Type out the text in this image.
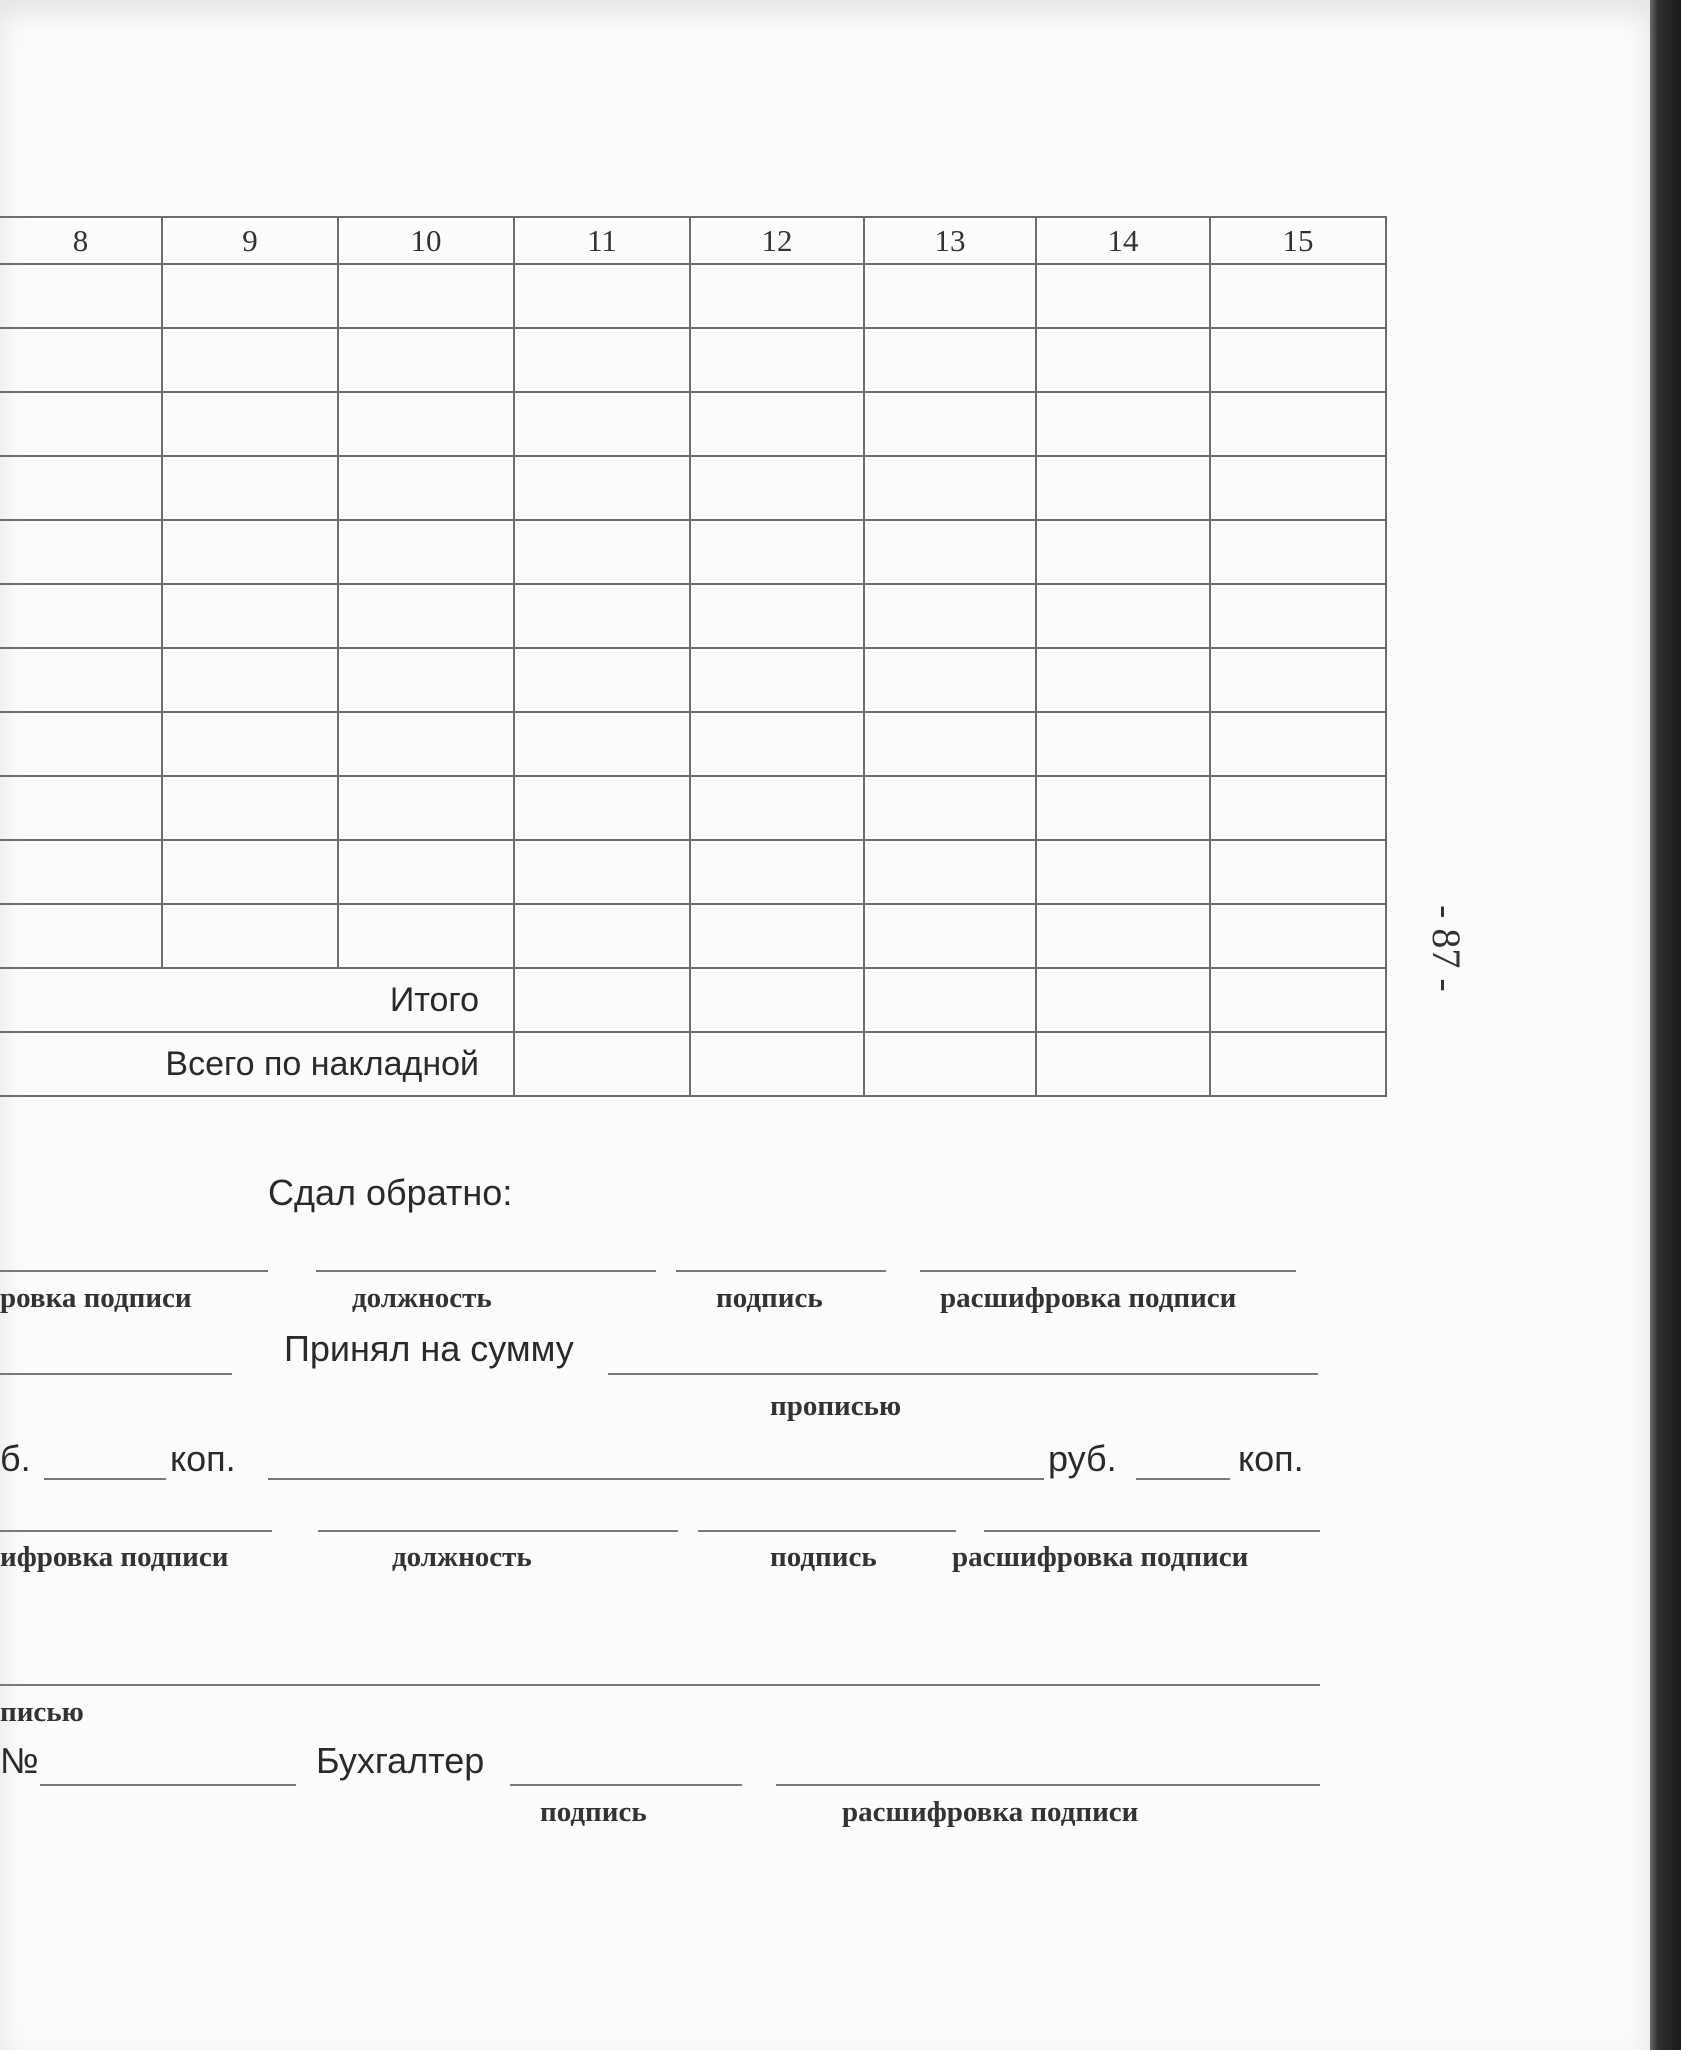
8	9	10	11	12	13	14	15

Итого							
Всего по накладной							
Сдал обратно:
ровка подписи	должность	подпись	расшифровка подписи
Принял на сумму
прописью
б.	коп.	руб.	коп.
ифровка подписи	должность	подпись	расшифровка подписи
писью
№	Бухгалтер
подпись	расшифровка подписи
- 87 -
